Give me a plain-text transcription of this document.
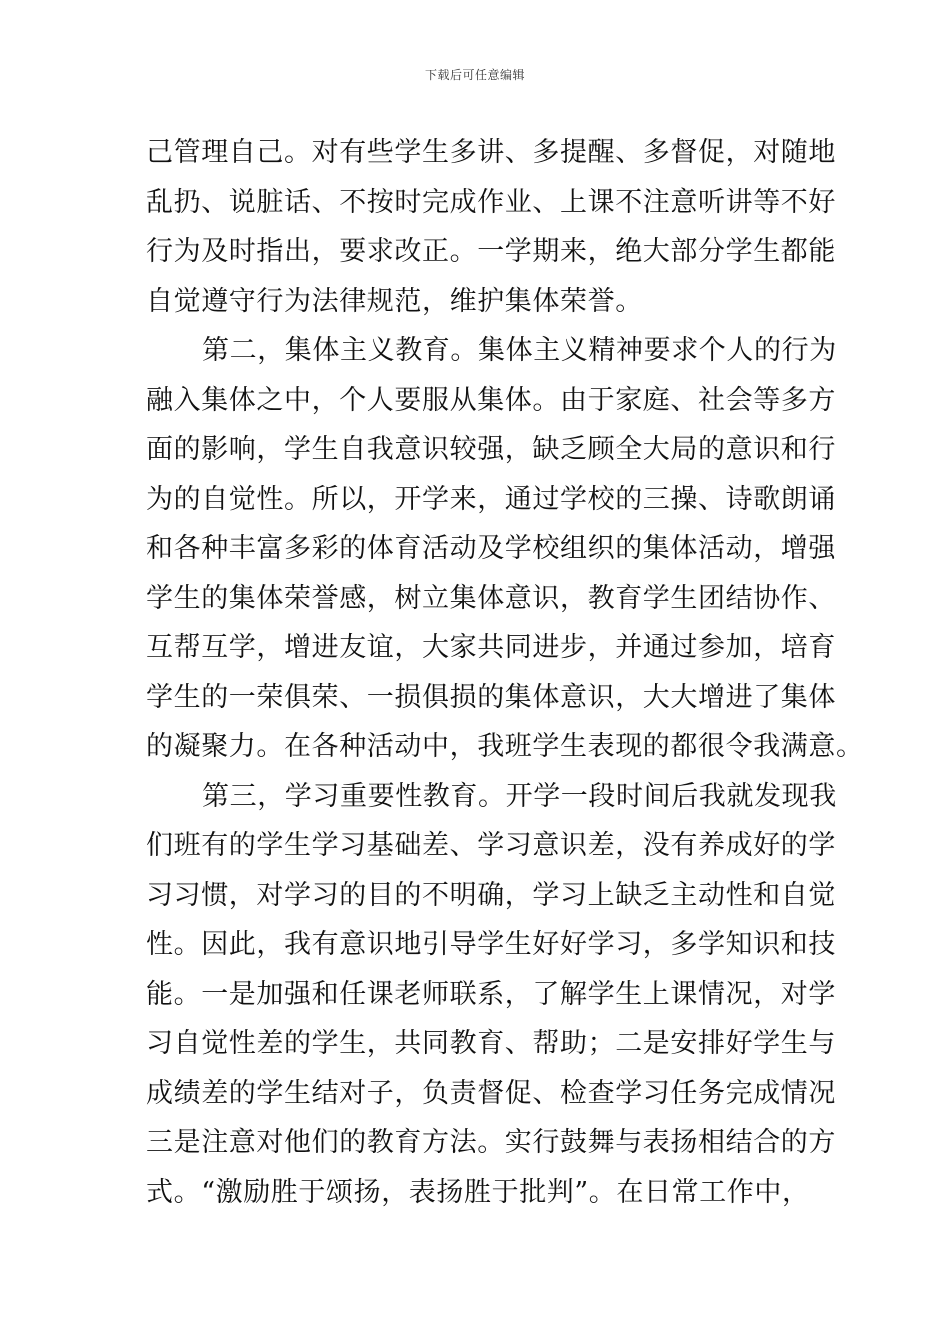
下载后可任意编辑
己管理自己。对有些学生多讲、多提醒、多督促，对随地
乱扔、说脏话、不按时完成作业、上课不注意听讲等不好
行为及时指出，要求改正。一学期来，绝大部分学生都能
自觉遵守行为法律规范，维护集体荣誉。
第二，集体主义教育。集体主义精神要求个人的行为
融入集体之中，个人要服从集体。由于家庭、社会等多方
面的影响，学生自我意识较强，缺乏顾全大局的意识和行
为的自觉性。所以，开学来，通过学校的三操、诗歌朗诵
和各种丰富多彩的体育活动及学校组织的集体活动，增强
学生的集体荣誉感，树立集体意识，教育学生团结协作、
互帮互学，增进友谊，大家共同进步，并通过参加，培育
学生的一荣俱荣、一损俱损的集体意识，大大增进了集体
的凝聚力。在各种活动中，我班学生表现的都很令我满意。
第三，学习重要性教育。开学一段时间后我就发现我
们班有的学生学习基础差、学习意识差，没有养成好的学
习习惯，对学习的目的不明确，学习上缺乏主动性和自觉
性。因此，我有意识地引导学生好好学习，多学知识和技
能。一是加强和任课老师联系，了解学生上课情况，对学
习自觉性差的学生，共同教育、帮助；二是安排好学生与
成绩差的学生结对子，负责督促、检查学习任务完成情况
三是注意对他们的教育方法。实行鼓舞与表扬相结合的方
式。“激励胜于颂扬，表扬胜于批判”。在日常工作中，
